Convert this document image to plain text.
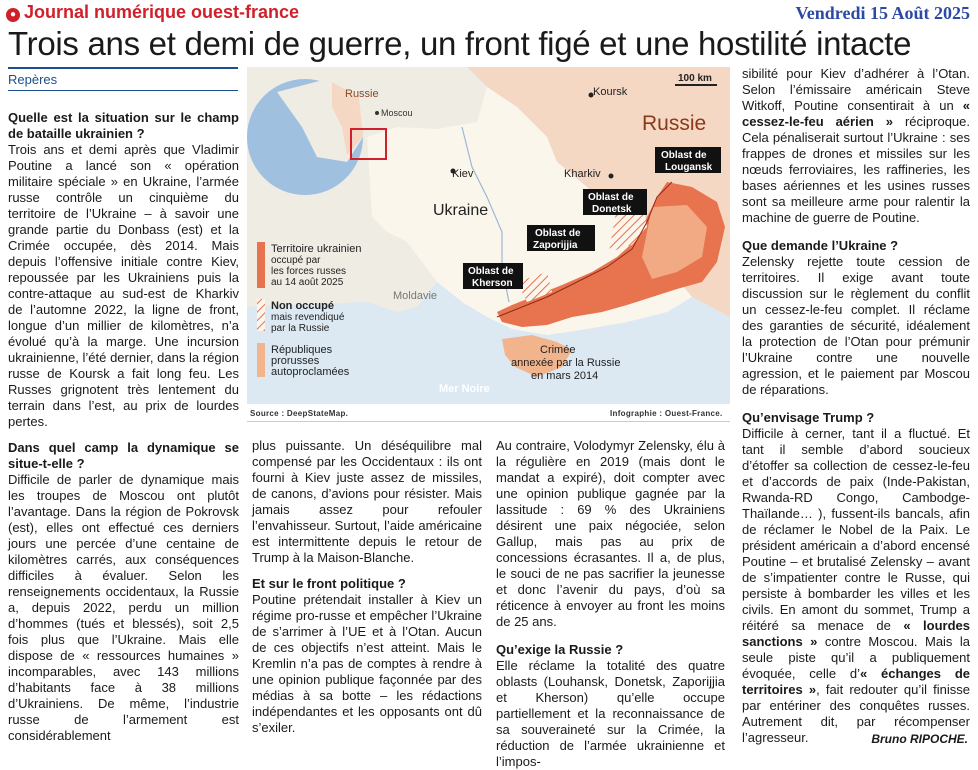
● Journal numérique ouest-france	Vendredi 15 Août 2025
Trois ans et demi de guerre, un front figé et une hostilité intacte
Repères
Quelle est la situation sur le champ de bataille ukrainien ?

Trois ans et demi après que Vladimir Poutine a lancé son « opération militaire spéciale » en Ukraine, l’armée russe contrôle un cinquième du territoire de l’Ukraine – à savoir une grande partie du Donbass (est) et la Crimée occupée, dès 2014. Mais depuis l’offensive initiale contre Kiev, repoussée par les Ukrainiens puis la contre-attaque au sud-est de Kharkiv de l’automne 2022, la ligne de front, longue d’un millier de kilomètres, n’a évolué qu’à la marge. Une incursion ukrainienne, l’été dernier, dans la région russe de Koursk a fait long feu. Les Russes grignotent très lentement du terrain dans l’est, au prix de lourdes pertes.

Dans quel camp la dynamique se situe-t-elle ?

Difficile de parler de dynamique mais les troupes de Moscou ont plutôt l’avantage. Dans la région de Pokrovsk (est), elles ont effectué ces derniers jours une percée d’une centaine de kilomètres carrés, aux conséquences difficiles à évaluer. Selon les renseignements occidentaux, la Russie a, depuis 2022, perdu un million d’hommes (tués et blessés), soit 2,5 fois plus que l’Ukraine. Mais elle dispose de « ressources humaines » incomparables, avec 143 millions d’habitants face à 38 millions d’Ukrainiens. De même, l’industrie russe de l’armement est considérablement

Russie
Moscou
100 km
Russie
Ukraine
Moldavie
Mer Noire
Koursk
Kiev	Kharkiv
Oblast de
Lougansk
Oblast de
Donetsk
Oblast de
Zaporijjia
Oblast de
Kherson
Crimée
annexée par la Russie
en mars 2014
Territoire ukrainien
occupé par
les forces russes
au 14 août 2025
Non occupé
mais revendiqué
par la Russie
Républiques
prorusses
autoproclamées
Source : DeepStateMap.	Infographie : Ouest-France.

plus puissante. Un déséquilibre mal compensé par les Occidentaux : ils ont fourni à Kiev juste assez de missiles, de canons, d’avions pour résister. Mais jamais assez pour refouler l’envahisseur. Surtout, l’aide américaine est intermittente depuis le retour de Trump à la Maison-Blanche.

Et sur le front politique ?

Poutine prétendait installer à Kiev un régime pro-russe et empêcher l’Ukraine de s’arrimer à l’UE et à l’Otan. Aucun de ces objectifs n’est atteint. Mais le Kremlin n’a pas de comptes à rendre à une opinion publique façonnée par des médias à sa botte – les rédactions indépendantes et les opposants ont dû s’exiler.

Au contraire, Volodymyr Zelensky, élu à la régulière en 2019 (mais dont le mandat a expiré), doit compter avec une opinion publique gagnée par la lassitude : 69 % des Ukrainiens désirent une paix négociée, selon Gallup, mais pas au prix de concessions écrasantes. Il a, de plus, le souci de ne pas sacrifier la jeunesse et donc l’avenir du pays, d’où sa réticence à envoyer au front les moins de 25 ans.

Qu’exige la Russie ?

Elle réclame la totalité des quatre oblasts (Louhansk, Donetsk, Zaporijjia et Kherson) qu’elle occupe partiellement et la reconnaissance de sa souveraineté sur la Crimée, la réduction de l’armée ukrainienne et l’impos-

sibilité pour Kiev d’adhérer à l’Otan. Selon l’émissaire américain Steve Witkoff, Poutine consentirait à un « cessez-le-feu aérien » réciproque. Cela pénaliserait surtout l’Ukraine : ses frappes de drones et missiles sur les nœuds ferroviaires, les raffineries, les bases aériennes et les usines russes sont sa meilleure arme pour ralentir la machine de guerre de Poutine.

Que demande l’Ukraine ?

Zelensky rejette toute cession de territoires. Il exige avant toute discussion sur le règlement du conflit un cessez-le-feu complet. Il réclame des garanties de sécurité, idéalement la protection de l’Otan pour prémunir l’Ukraine contre une nouvelle agression, et le paiement par Moscou de réparations.

Qu’envisage Trump ?

Difficile à cerner, tant il a fluctué. Et tant il semble d’abord soucieux d’étoffer sa collection de cessez-le-feu et d’accords de paix (Inde-Pakistan, Rwanda-RD Congo, Cambodge-Thaïlande… ), fussent-ils bancals, afin de réclamer le Nobel de la Paix. Le président américain a d’abord encensé Poutine – et brutalisé Zelensky – avant de s’impatienter contre le Russe, qui persiste à bombarder les villes et les civils. En amont du sommet, Trump a réitéré sa menace de « lourdes sanctions » contre Moscou. Mais la seule piste qu’il a publiquement évoquée, celle d’« échanges de territoires », fait redouter qu’il finisse par entériner des conquêtes russes. Autrement dit, par récompenser l’agresseur.	Bruno RIPOCHE.
